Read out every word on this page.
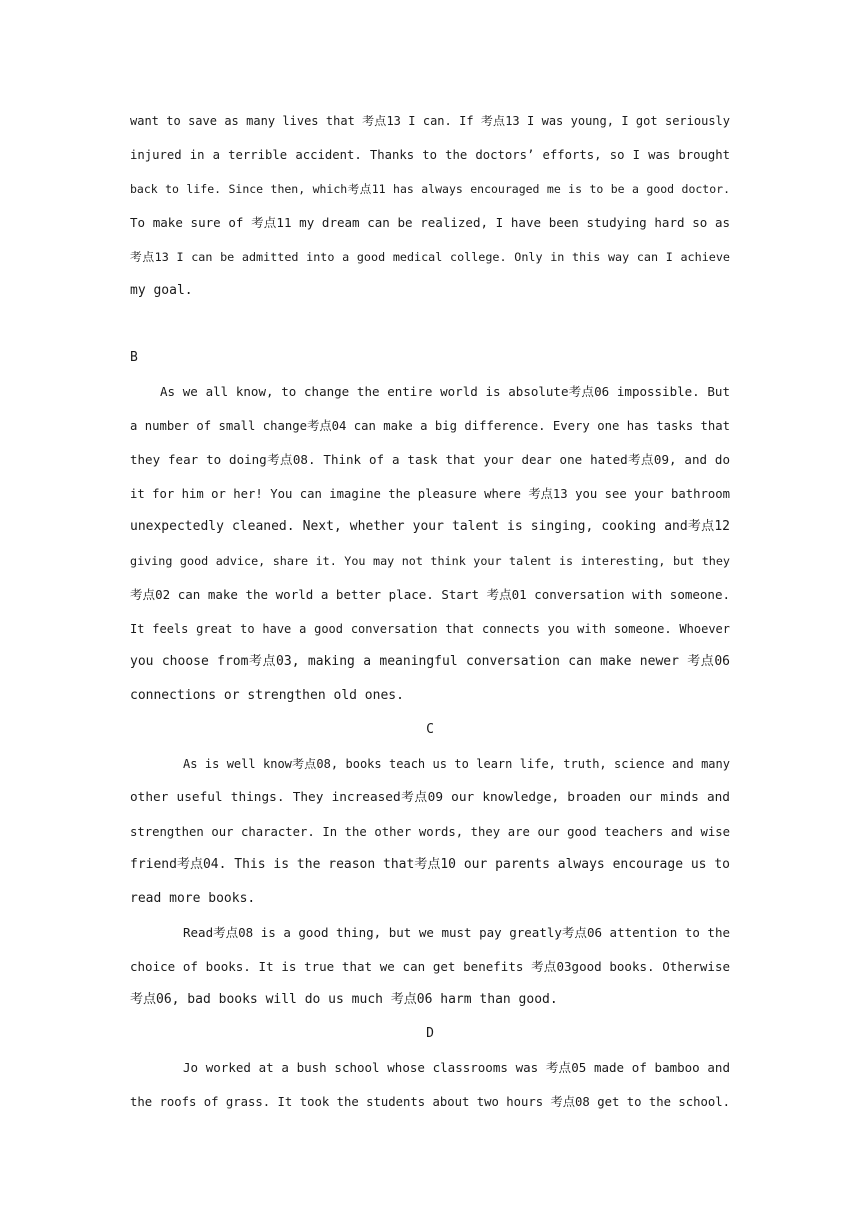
want to save as many lives that 考点13 I can. If 考点13 I was young, I got seriously
injured in a terrible accident. Thanks to the doctors’ efforts, so I was brought
back to life. Since then, which考点11 has always encouraged me is to be a good doctor.
To make sure of 考点11 my dream can be realized, I have been studying hard so as
考点13 I can be admitted into a good medical college. Only in this way can I achieve
my goal.
B
As we all know, to change the entire world is absolute考点06 impossible. But
a number of small change考点04 can make a big difference. Every one has tasks that
they fear to doing考点08. Think of a task that your dear one hated考点09, and do
it for him or her! You can imagine the pleasure where 考点13 you see your bathroom
unexpectedly cleaned. Next, whether your talent is singing, cooking and考点12
giving good advice, share it. You may not think your talent is interesting, but they
考点02 can make the world a better place. Start 考点01 conversation with someone.
It feels great to have a good conversation that connects you with someone. Whoever
you choose from考点03, making a meaningful conversation can make newer 考点06
connections or strengthen old ones.
C
As is well know考点08, books teach us to learn life, truth, science and many
other useful things. They increased考点09 our knowledge, broaden our minds and
strengthen our character. In the other words, they are our good teachers and wise
friend考点04. This is the reason that考点10 our parents always encourage us to
read more books.
Read考点08 is a good thing, but we must pay greatly考点06 attention to the
choice of books. It is true that we can get benefits 考点03good books. Otherwise
考点06, bad books will do us much 考点06 harm than good.
D
Jo worked at a bush school whose classrooms was 考点05 made of bamboo and
the roofs of grass. It took the students about two hours 考点08 get to the school.
